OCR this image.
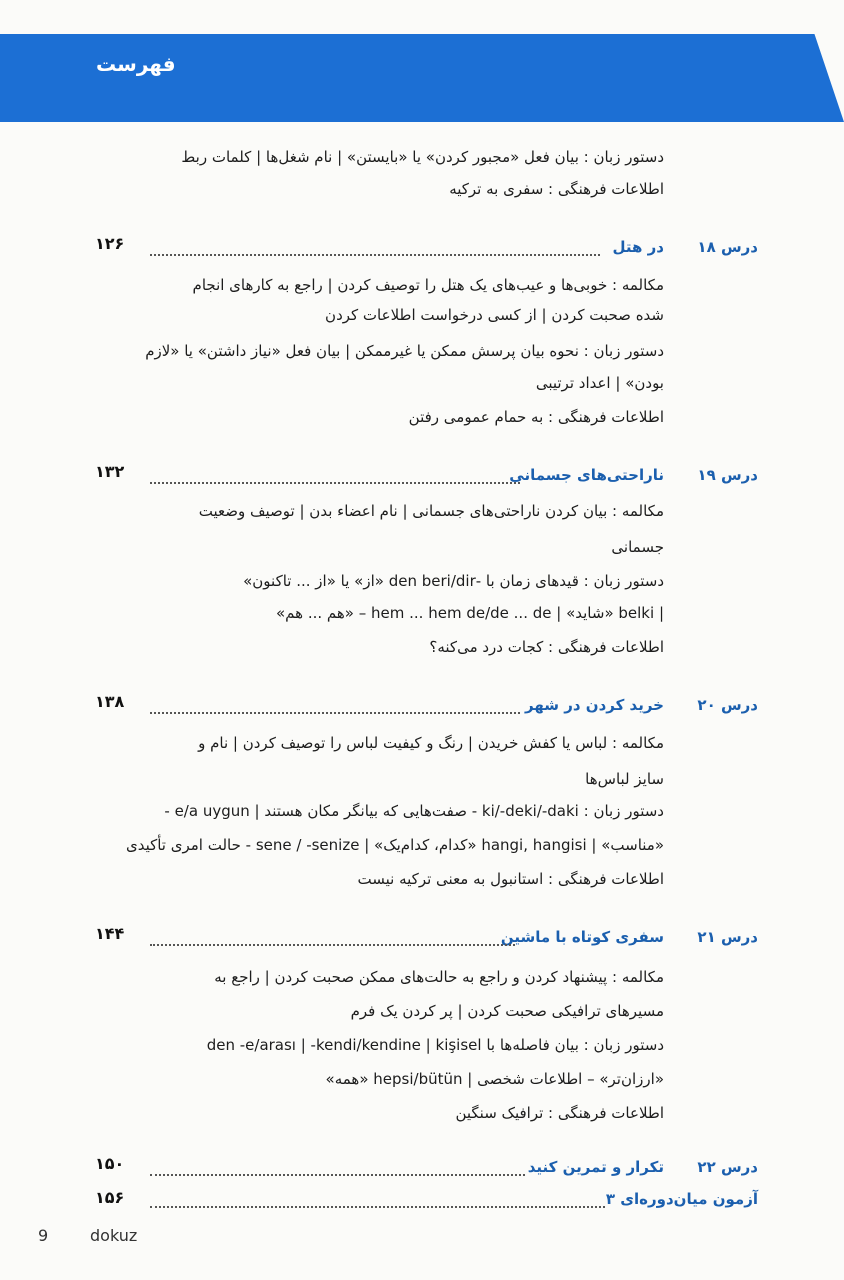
فهرست
دستور زبان : بیان فعل «مجبور کردن» یا «بایستن» | نام شغل‌ها | کلمات ربط
اطلاعات فرهنگی : سفری به ترکیه
درس ۱۸
در هتل
۱۲۶
مکالمه : خوبی‌ها و عیب‌های یک هتل را توصیف کردن | راجع به کارهای انجام
شده صحبت کردن | از کسی درخواست اطلاعات کردن
دستور زبان : نحوه بیان پرسش ممکن یا غیرممکن | بیان فعل «نیاز داشتن» یا «لازم
بودن» | اعداد ترتیبی
اطلاعات فرهنگی : به حمام عمومی رفتن
درس ۱۹
ناراحتی‌های جسمانی
۱۳۲
مکالمه : بیان کردن ناراحتی‌های جسمانی | نام اعضاء بدن | توصیف وضعیت
جسمانی
دستور زبان : قیدهای زمان با -den beri/dir «از» یا «از ... تاکنون»
| belki «شاید» | hem ... hem de/de ... de – «هم ... هم»
اطلاعات فرهنگی : کجات درد می‌کنه؟
درس ۲۰
خرید کردن در شهر
۱۳۸
مکالمه : لباس یا کفش خریدن | رنگ و کیفیت لباس را توصیف کردن | نام و
سایز لباس‌ها
دستور زبان : ki/-deki/-daki - صفت‌هایی که بیانگر مکان هستند | e/a uygun -
«مناسب» | hangi, hangisi «کدام، کدام‌یک» | sene / -senize - حالت امری تأکیدی
اطلاعات فرهنگی : استانبول به معنی ترکیه نیست
درس ۲۱
سفری کوتاه با ماشین
۱۴۴
مکالمه : پیشنهاد کردن و راجع به حالت‌های ممکن صحبت کردن | راجع به
مسیرهای ترافیکی صحبت کردن | پر کردن یک فرم
دستور زبان : بیان فاصله‌ها با den -e/arası | -kendi/kendine | kişisel
«ارزان‌تر» – اطلاعات شخصی | hepsi/bütün «همه»
اطلاعات فرهنگی : ترافیک سنگین
درس ۲۲
تکرار و تمرین کنید
۱۵۰
آزمون میان‌دوره‌ای ۳
۱۵۶
9	dokuz
